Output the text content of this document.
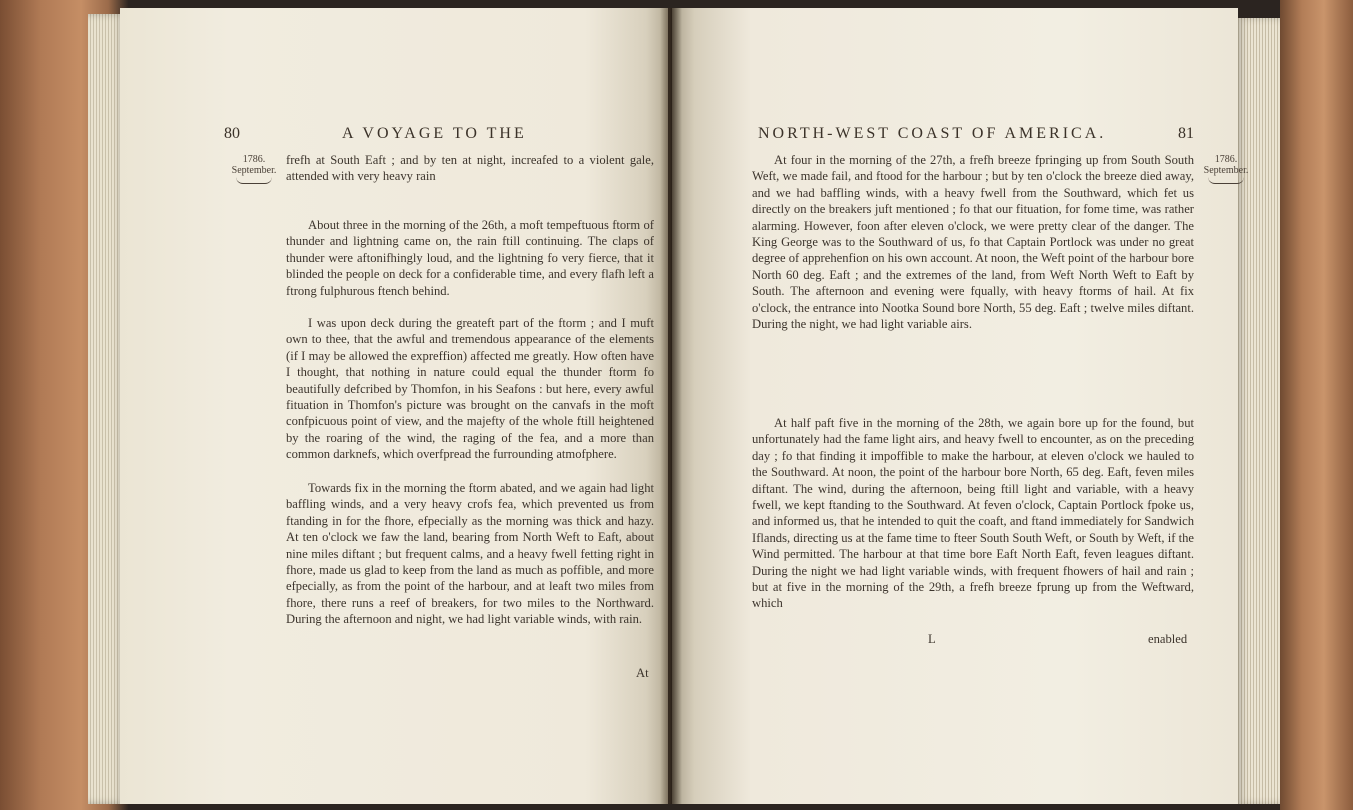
80	A VOYAGE TO THE
1786.
September.

frefh at South Eaft ; and by ten at night, increafed to a violent gale, attended with very heavy rain

About three in the morning of the 26th, a moft tempeftuous ftorm of thunder and lightning came on, the rain ftill continuing. The claps of thunder were aftonifhingly loud, and the lightning fo very fierce, that it blinded the people on deck for a confiderable time, and every flafh left a ftrong fulphurous ftench behind.

I was upon deck during the greateft part of the ftorm ; and I muft own to thee, that the awful and tremendous appearance of the elements (if I may be allowed the expreffion) affected me greatly. How often have I thought, that nothing in nature could equal the thunder ftorm fo beautifully defcribed by Thomfon, in his Seafons : but here, every awful fituation in Thomfon's picture was brought on the canvafs in the moft confpicuous point of view, and the majefty of the whole ftill heightened by the roaring of the wind, the raging of the fea, and a more than common darknefs, which overfpread the furrounding atmofphere.

Towards fix in the morning the ftorm abated, and we again had light baffling winds, and a very heavy crofs fea, which prevented us from ftanding in for the fhore, efpecially as the morning was thick and hazy. At ten o'clock we faw the land, bearing from North Weft to Eaft, about nine miles diftant ; but frequent calms, and a heavy fwell fetting right in fhore, made us glad to keep from the land as much as poffible, and more efpecially, as from the point of the harbour, and at leaft two miles from fhore, there runs a reef of breakers, for two miles to the Northward. During the afternoon and night, we had light variable winds, with rain.

At
NORTH-WEST COAST OF AMERICA.	81
1786.
September.

At four in the morning of the 27th, a frefh breeze fpringing up from South South Weft, we made fail, and ftood for the harbour ; but by ten o'clock the breeze died away, and we had baffling winds, with a heavy fwell from the Southward, which fet us directly on the breakers juft mentioned ; fo that our fituation, for fome time, was rather alarming. However, foon after eleven o'clock, we were pretty clear of the danger. The King George was to the Southward of us, fo that Captain Portlock was under no great degree of apprehenfion on his own account. At noon, the Weft point of the harbour bore North 60 deg. Eaft ; and the extremes of the land, from Weft North Weft to Eaft by South. The afternoon and evening were fqually, with heavy ftorms of hail. At fix o'clock, the entrance into Nootka Sound bore North, 55 deg. Eaft ; twelve miles diftant. During the night, we had light variable airs.

At half paft five in the morning of the 28th, we again bore up for the found, but unfortunately had the fame light airs, and heavy fwell to encounter, as on the preceding day ; fo that finding it impoffible to make the harbour, at eleven o'clock we hauled to the Southward. At noon, the point of the harbour bore North, 65 deg. Eaft, feven miles diftant. The wind, during the afternoon, being ftill light and variable, with a heavy fwell, we kept ftanding to the Southward. At feven o'clock, Captain Portlock fpoke us, and informed us, that he intended to quit the coaft, and ftand immediately for Sandwich Iflands, directing us at the fame time to fteer South South Weft, or South by Weft, if the Wind permitted. The harbour at that time bore Eaft North Eaft, feven leagues diftant. During the night we had light variable winds, with frequent fhowers of hail and rain ; but at five in the morning of the 29th, a frefh breeze fprung up from the Weftward, which

L	enabled
